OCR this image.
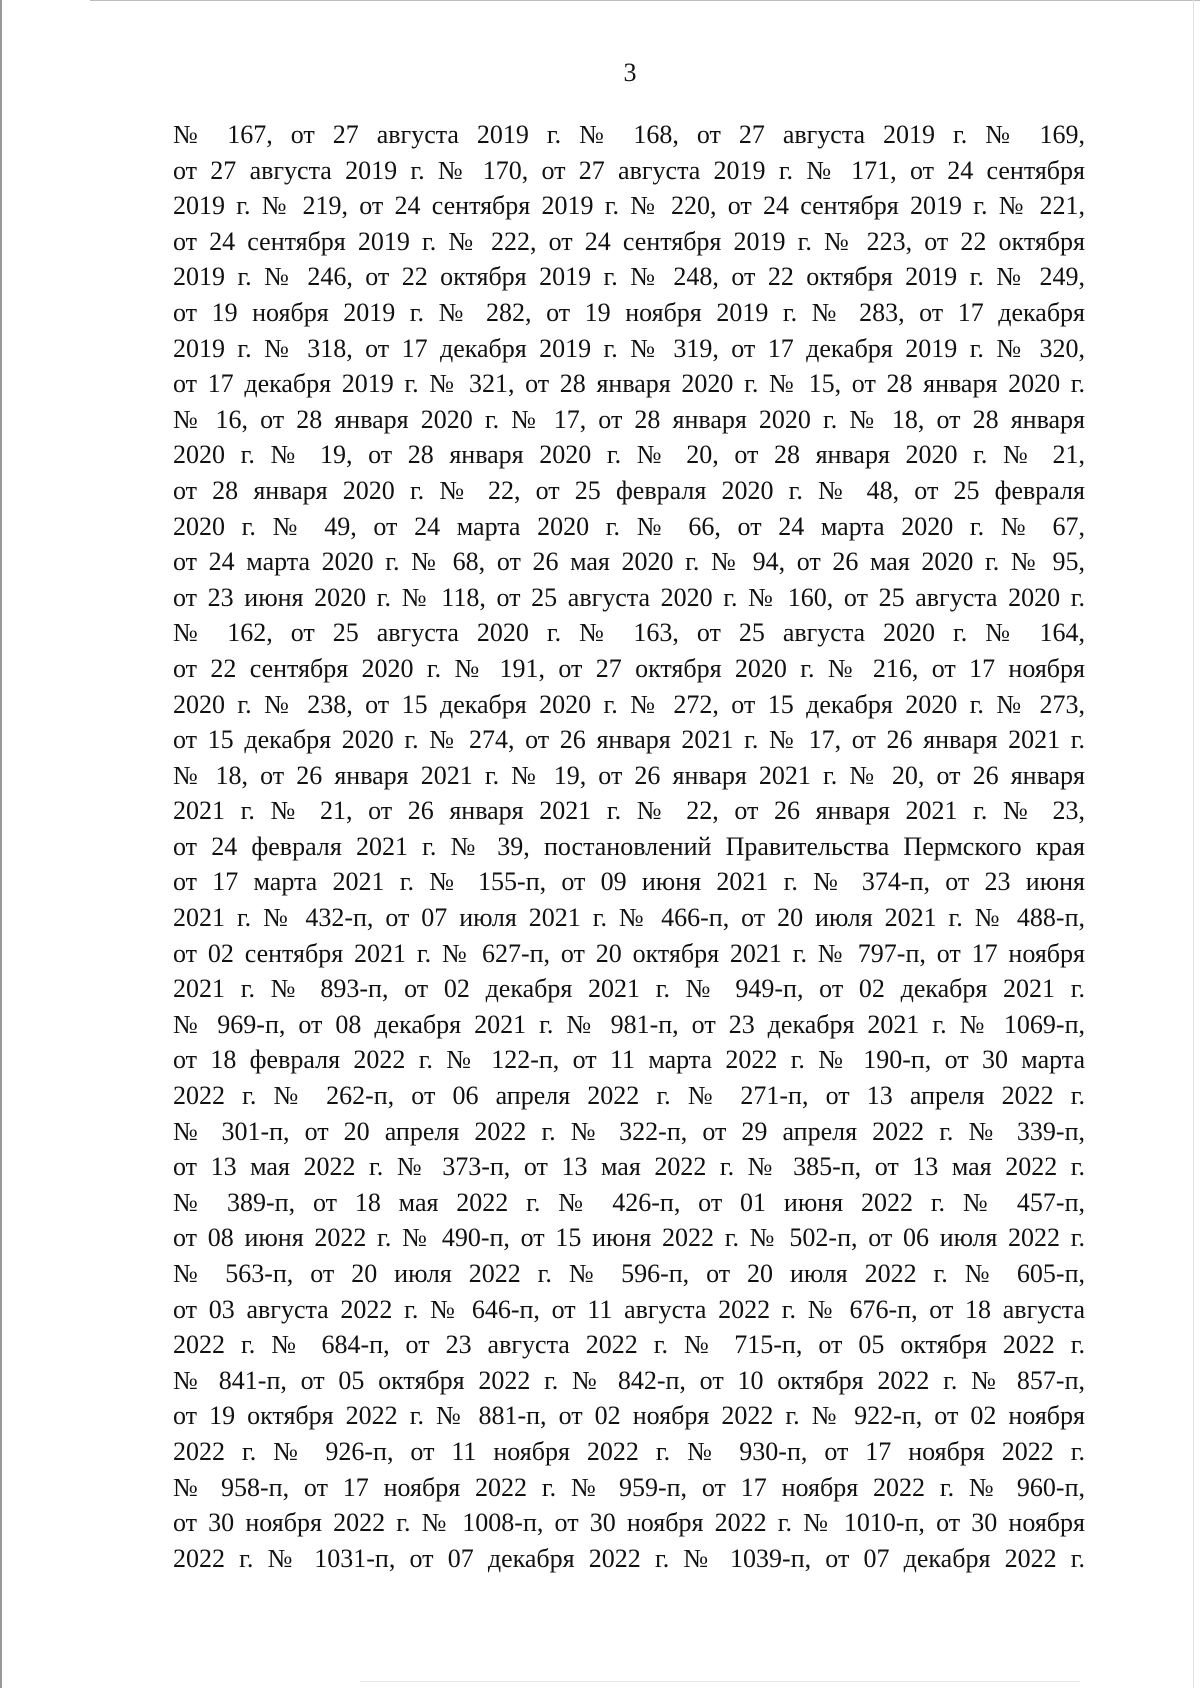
3
№ 167, от 27 августа 2019 г. № 168, от 27 августа 2019 г. № 169,
от 27 августа 2019 г. № 170, от 27 августа 2019 г. № 171, от 24 сентября
2019 г. № 219, от 24 сентября 2019 г. № 220, от 24 сентября 2019 г. № 221,
от 24 сентября 2019 г. № 222, от 24 сентября 2019 г. № 223, от 22 октября
2019 г. № 246, от 22 октября 2019 г. № 248, от 22 октября 2019 г. № 249,
от 19 ноября 2019 г. № 282, от 19 ноября 2019 г. № 283, от 17 декабря
2019 г. № 318, от 17 декабря 2019 г. № 319, от 17 декабря 2019 г. № 320,
от 17 декабря 2019 г. № 321, от 28 января 2020 г. № 15, от 28 января 2020 г.
№ 16, от 28 января 2020 г. № 17, от 28 января 2020 г. № 18, от 28 января
2020 г. № 19, от 28 января 2020 г. № 20, от 28 января 2020 г. № 21,
от 28 января 2020 г. № 22, от 25 февраля 2020 г. № 48, от 25 февраля
2020 г. № 49, от 24 марта 2020 г. № 66, от 24 марта 2020 г. № 67,
от 24 марта 2020 г. № 68, от 26 мая 2020 г. № 94, от 26 мая 2020 г. № 95,
от 23 июня 2020 г. № 118, от 25 августа 2020 г. № 160, от 25 августа 2020 г.
№ 162, от 25 августа 2020 г. № 163, от 25 августа 2020 г. № 164,
от 22 сентября 2020 г. № 191, от 27 октября 2020 г. № 216, от 17 ноября
2020 г. № 238, от 15 декабря 2020 г. № 272, от 15 декабря 2020 г. № 273,
от 15 декабря 2020 г. № 274, от 26 января 2021 г. № 17, от 26 января 2021 г.
№ 18, от 26 января 2021 г. № 19, от 26 января 2021 г. № 20, от 26 января
2021 г. № 21, от 26 января 2021 г. № 22, от 26 января 2021 г. № 23,
от 24 февраля 2021 г. № 39, постановлений Правительства Пермского края
от 17 марта 2021 г. № 155-п, от 09 июня 2021 г. № 374-п, от 23 июня
2021 г. № 432-п, от 07 июля 2021 г. № 466-п, от 20 июля 2021 г. № 488-п,
от 02 сентября 2021 г. № 627-п, от 20 октября 2021 г. № 797-п, от 17 ноября
2021 г. № 893-п, от 02 декабря 2021 г. № 949-п, от 02 декабря 2021 г.
№ 969-п, от 08 декабря 2021 г. № 981-п, от 23 декабря 2021 г. № 1069-п,
от 18 февраля 2022 г. № 122-п, от 11 марта 2022 г. № 190-п, от 30 марта
2022 г. № 262-п, от 06 апреля 2022 г. № 271-п, от 13 апреля 2022 г.
№ 301-п, от 20 апреля 2022 г. № 322-п, от 29 апреля 2022 г. № 339-п,
от 13 мая 2022 г. № 373-п, от 13 мая 2022 г. № 385-п, от 13 мая 2022 г.
№ 389-п, от 18 мая 2022 г. № 426-п, от 01 июня 2022 г. № 457-п,
от 08 июня 2022 г. № 490-п, от 15 июня 2022 г. № 502-п, от 06 июля 2022 г.
№ 563-п, от 20 июля 2022 г. № 596-п, от 20 июля 2022 г. № 605-п,
от 03 августа 2022 г. № 646-п, от 11 августа 2022 г. № 676-п, от 18 августа
2022 г. № 684-п, от 23 августа 2022 г. № 715-п, от 05 октября 2022 г.
№ 841-п, от 05 октября 2022 г. № 842-п, от 10 октября 2022 г. № 857-п,
от 19 октября 2022 г. № 881-п, от 02 ноября 2022 г. № 922-п, от 02 ноября
2022 г. № 926-п, от 11 ноября 2022 г. № 930-п, от 17 ноября 2022 г.
№ 958-п, от 17 ноября 2022 г. № 959-п, от 17 ноября 2022 г. № 960-п,
от 30 ноября 2022 г. № 1008-п, от 30 ноября 2022 г. № 1010-п, от 30 ноября
2022 г. № 1031-п, от 07 декабря 2022 г. № 1039-п, от 07 декабря 2022 г.
